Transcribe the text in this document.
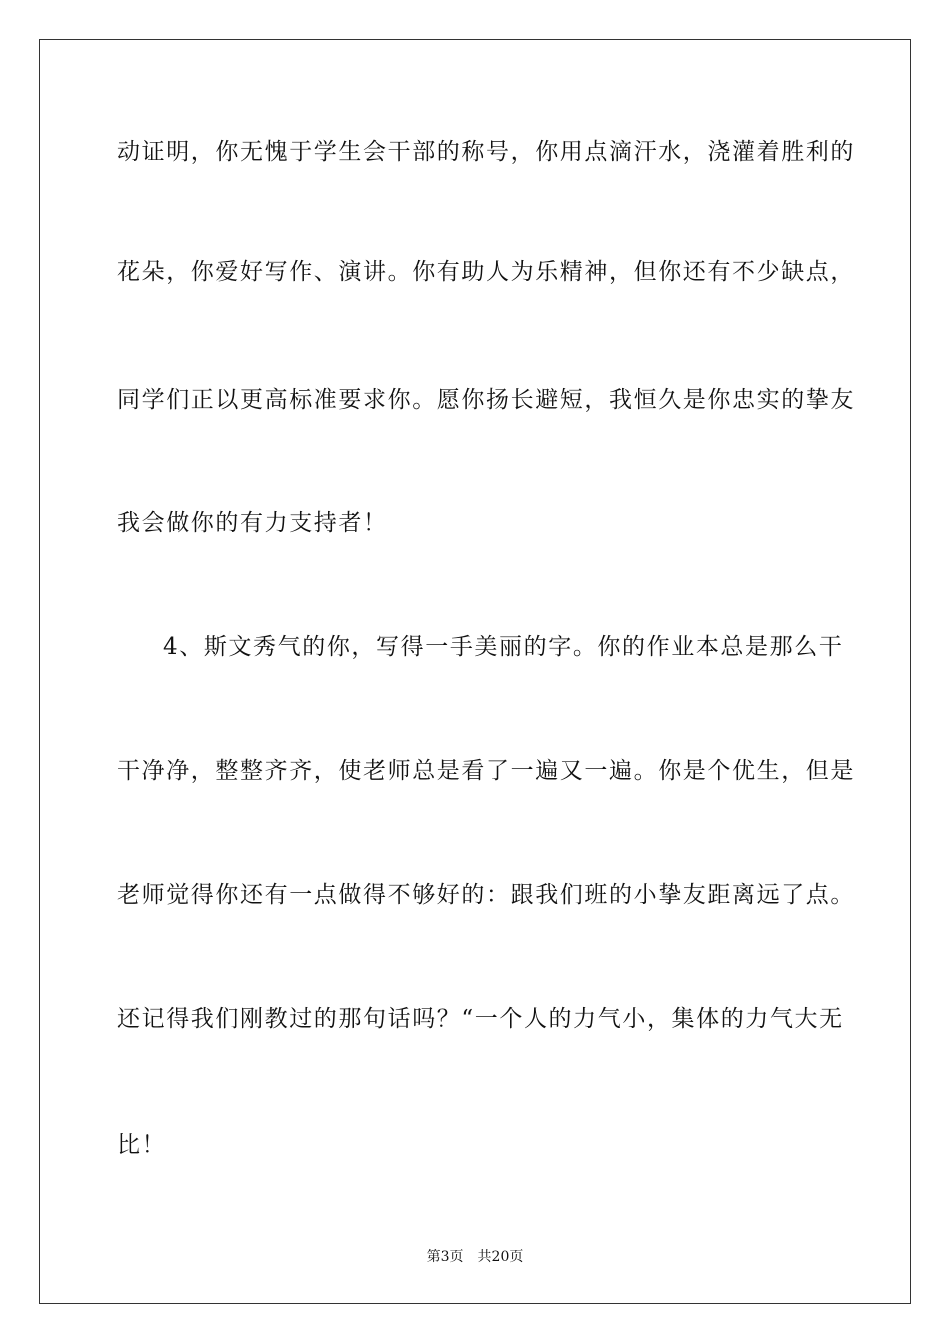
动证明，你无愧于学生会干部的称号，你用点滴汗水，浇灌着胜利的
花朵，你爱好写作、演讲。你有助人为乐精神，但你还有不少缺点，
同学们正以更高标准要求你。愿你扬长避短，我恒久是你忠实的挚友
我会做你的有力支持者！
4、斯文秀气的你，写得一手美丽的字。你的作业本总是那么干
干净净，整整齐齐，使老师总是看了一遍又一遍。你是个优生，但是
老师觉得你还有一点做得不够好的：跟我们班的小挚友距离远了点。
还记得我们刚教过的那句话吗？“一个人的力气小，集体的力气大无
比！
第3页 共20页
